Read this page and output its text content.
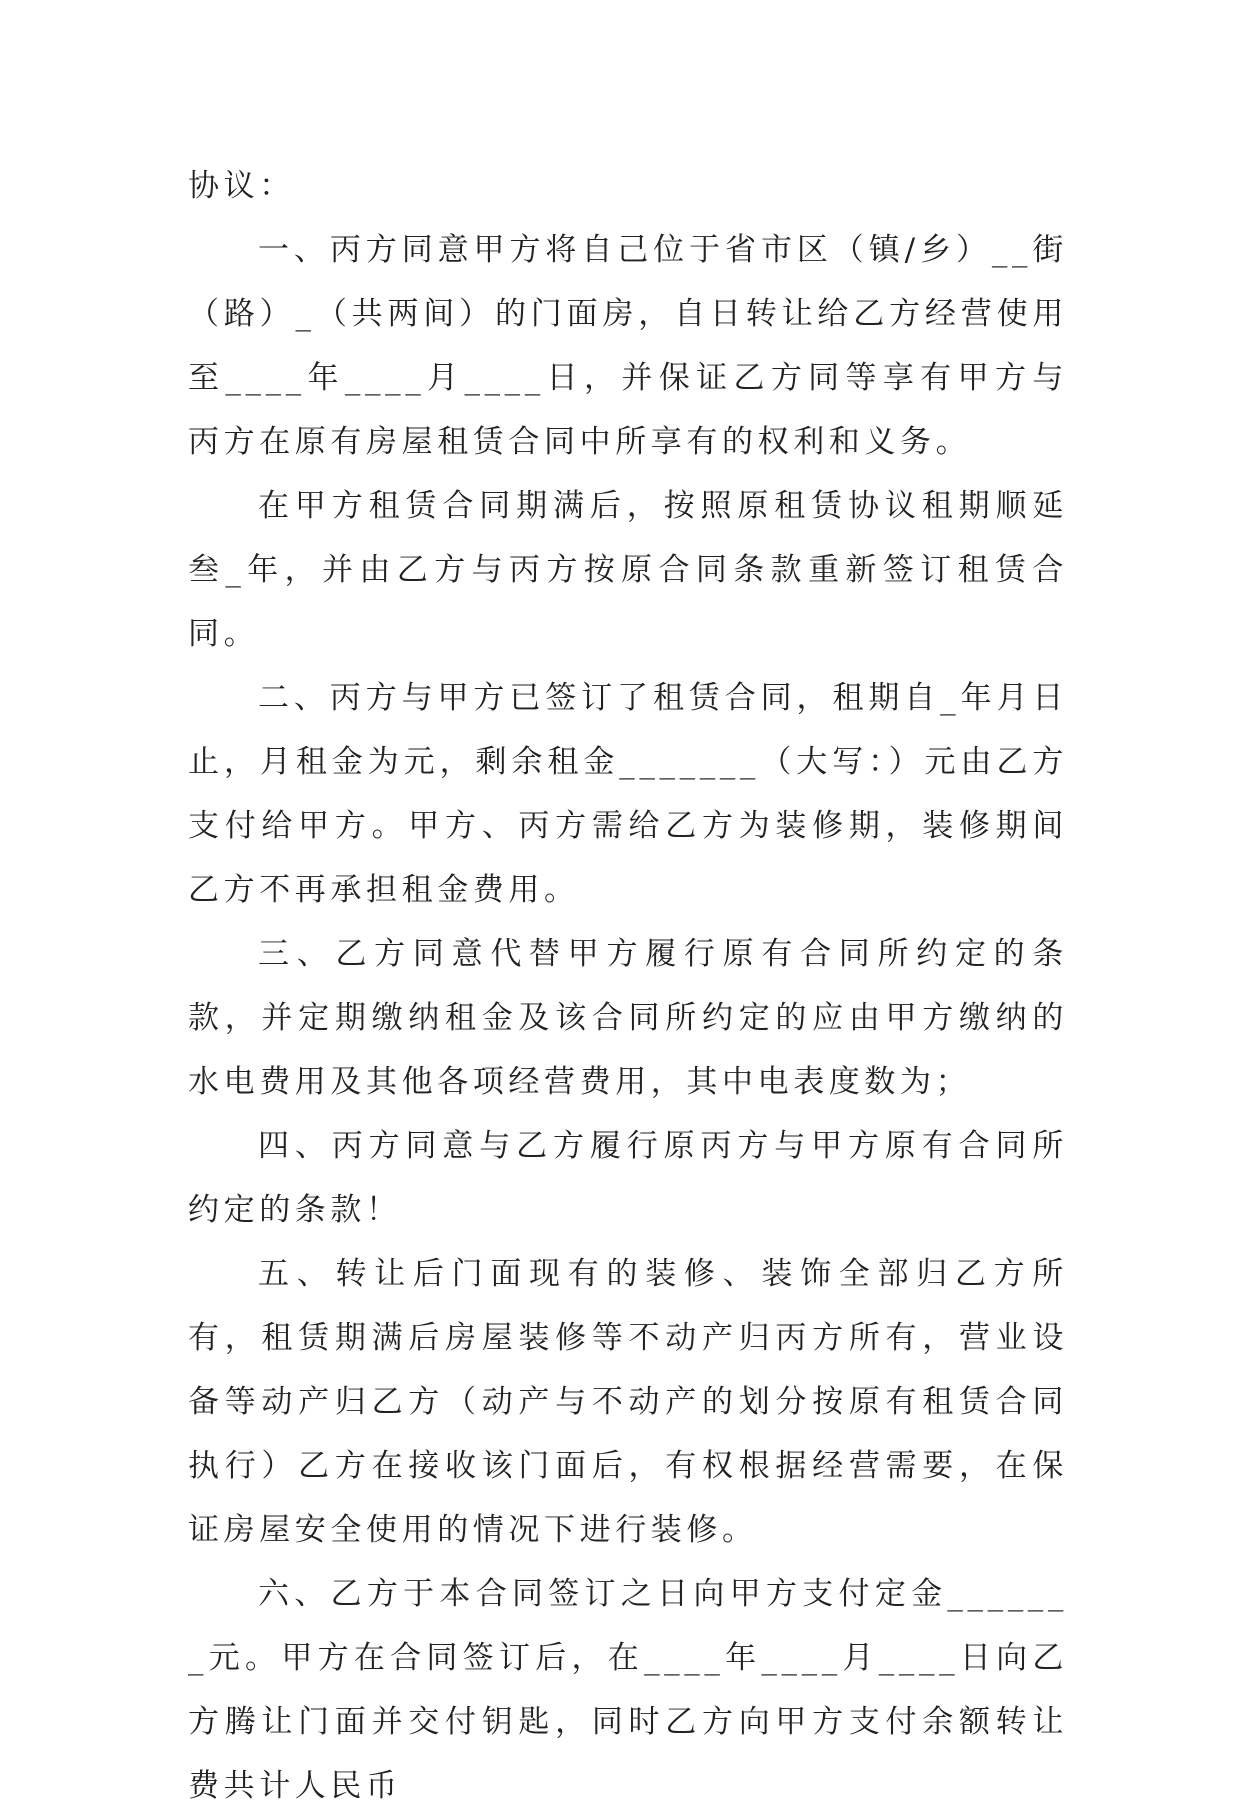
协议：

一、丙方同意甲方将自己位于省市区（镇/乡）__街（路）_（共两间）的门面房，自日转让给乙方经营使用至____年____月____日，并保证乙方同等享有甲方与丙方在原有房屋租赁合同中所享有的权利和义务。

在甲方租赁合同期满后，按照原租赁协议租期顺延叁_年，并由乙方与丙方按原合同条款重新签订租赁合同。

二、丙方与甲方已签订了租赁合同，租期自_年月日止，月租金为元，剩余租金_______（大写：）元由乙方支付给甲方。甲方、丙方需给乙方为装修期，装修期间乙方不再承担租金费用。

三、乙方同意代替甲方履行原有合同所约定的条款，并定期缴纳租金及该合同所约定的应由甲方缴纳的水电费用及其他各项经营费用，其中电表度数为；

四、丙方同意与乙方履行原丙方与甲方原有合同所约定的条款！

五、转让后门面现有的装修、装饰全部归乙方所有，租赁期满后房屋装修等不动产归丙方所有，营业设备等动产归乙方（动产与不动产的划分按原有租赁合同执行）乙方在接收该门面后，有权根据经营需要，在保证房屋安全使用的情况下进行装修。

六、乙方于本合同签订之日向甲方支付定金_______元。甲方在合同签订后，在____年____月____日向乙方腾让门面并交付钥匙，同时乙方向甲方支付余额转让费共计人民币
